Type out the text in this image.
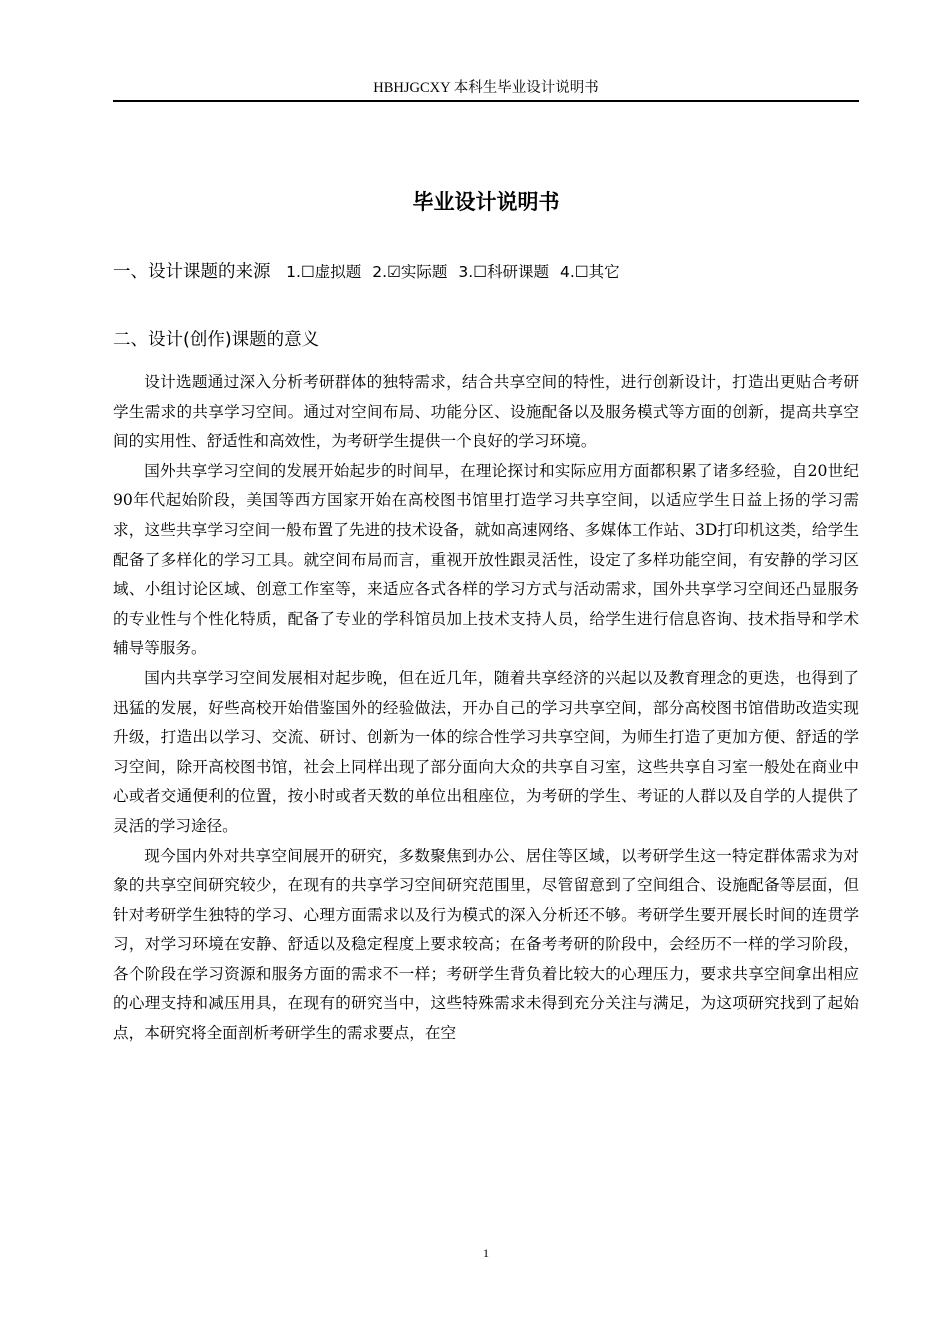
HBHJGCXY 本科生毕业设计说明书
毕业设计说明书
一、设计课题的来源 1.☐虚拟题 2.☑实际题 3.☐科研课题 4.☐其它
二、设计(创作)课题的意义

设计选题通过深入分析考研群体的独特需求，结合共享空间的特性，进行创新设计，打造出更贴合考研学生需求的共享学习空间。通过对空间布局、功能分区、设施配备以及服务模式等方面的创新，提高共享空间的实用性、舒适性和高效性，为考研学生提供一个良好的学习环境。

国外共享学习空间的发展开始起步的时间早，在理论探讨和实际应用方面都积累了诸多经验，自20世纪90年代起始阶段，美国等西方国家开始在高校图书馆里打造学习共享空间，以适应学生日益上扬的学习需求，这些共享学习空间一般布置了先进的技术设备，就如高速网络、多媒体工作站、3D打印机这类，给学生配备了多样化的学习工具。就空间布局而言，重视开放性跟灵活性，设定了多样功能空间，有安静的学习区域、小组讨论区域、创意工作室等，来适应各式各样的学习方式与活动需求，国外共享学习空间还凸显服务的专业性与个性化特质，配备了专业的学科馆员加上技术支持人员，给学生进行信息咨询、技术指导和学术辅导等服务。

国内共享学习空间发展相对起步晚，但在近几年，随着共享经济的兴起以及教育理念的更迭，也得到了迅猛的发展，好些高校开始借鉴国外的经验做法，开办自己的学习共享空间，部分高校图书馆借助改造实现升级，打造出以学习、交流、研讨、创新为一体的综合性学习共享空间，为师生打造了更加方便、舒适的学习空间，除开高校图书馆，社会上同样出现了部分面向大众的共享自习室，这些共享自习室一般处在商业中心或者交通便利的位置，按小时或者天数的单位出租座位，为考研的学生、考证的人群以及自学的人提供了灵活的学习途径。

现今国内外对共享空间展开的研究，多数聚焦到办公、居住等区域，以考研学生这一特定群体需求为对象的共享空间研究较少，在现有的共享学习空间研究范围里，尽管留意到了空间组合、设施配备等层面，但针对考研学生独特的学习、心理方面需求以及行为模式的深入分析还不够。考研学生要开展长时间的连贯学习，对学习环境在安静、舒适以及稳定程度上要求较高；在备考考研的阶段中，会经历不一样的学习阶段，各个阶段在学习资源和服务方面的需求不一样；考研学生背负着比较大的心理压力，要求共享空间拿出相应的心理支持和减压用具，在现有的研究当中，这些特殊需求未得到充分关注与满足，为这项研究找到了起始点，本研究将全面剖析考研学生的需求要点，在空

1
